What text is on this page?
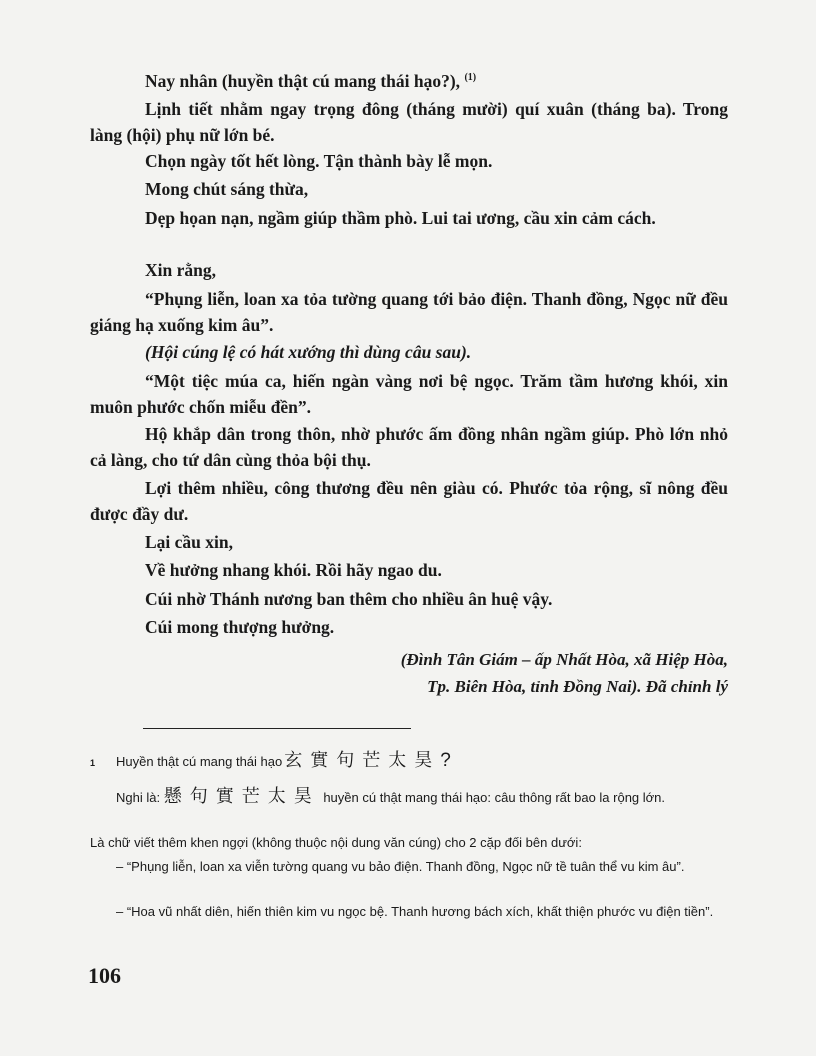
Nay nhân (huyền thật cú mang thái hạo?), $^{(1)}$
Lịnh tiết nhằm ngay trọng đông (tháng mười) quí xuân (tháng ba). Trong làng (hội) phụ nữ lớn bé.
Chọn ngày tốt hết lòng. Tận thành bày lễ mọn.
Mong chút sáng thừa,
Dẹp họan nạn, ngầm giúp thầm phò. Lui tai ương, cầu xin cảm cách.
Xin rằng,
“Phụng liễn, loan xa tỏa tường quang tới bảo điện. Thanh đồng, Ngọc nữ đều giáng hạ xuống kim âu”.
(Hội cúng lệ có hát xướng thì dùng câu sau).
“Một tiệc múa ca, hiến ngàn vàng nơi bệ ngọc. Trăm tầm hương khói, xin muôn phước chốn miễu đền”.
Hộ khắp dân trong thôn, nhờ phước ấm đồng nhân ngầm giúp. Phò lớn nhỏ cả làng, cho tứ dân cùng thỏa bội thụ.
Lợi thêm nhiều, công thương đều nên giàu có. Phước tỏa rộng, sĩ nông đều được đầy dư.
Lại cầu xin,
Về hưởng nhang khói. Rồi hãy ngao du.
Cúi nhờ Thánh nương ban thêm cho nhiều ân huệ vậy.
Cúi mong thượng hưởng.
(Đình Tân Giám – ấp Nhất Hòa, xã Hiệp Hòa,
Tp. Biên Hòa, tỉnh Đồng Nai). Đã chỉnh lý
1 Huyền thật cú mang thái hạo 玄實句芒太昊?
Nghi là: 懸句實芒太昊 huyền cú thật mang thái hạo: câu thông rất bao la rộng lớn.
Là chữ viết thêm khen ngợi (không thuộc nội dung văn cúng) cho 2 cặp đối bên dưới:
– “Phụng liễn, loan xa viễn tường quang vu bảo điện. Thanh đồng, Ngọc nữ tề tuân thể vu kim âu”.
– “Hoa vũ nhất diên, hiến thiên kim vu ngọc bệ. Thanh hương bách xích, khất thiện phước vu điện tiền”.
106
